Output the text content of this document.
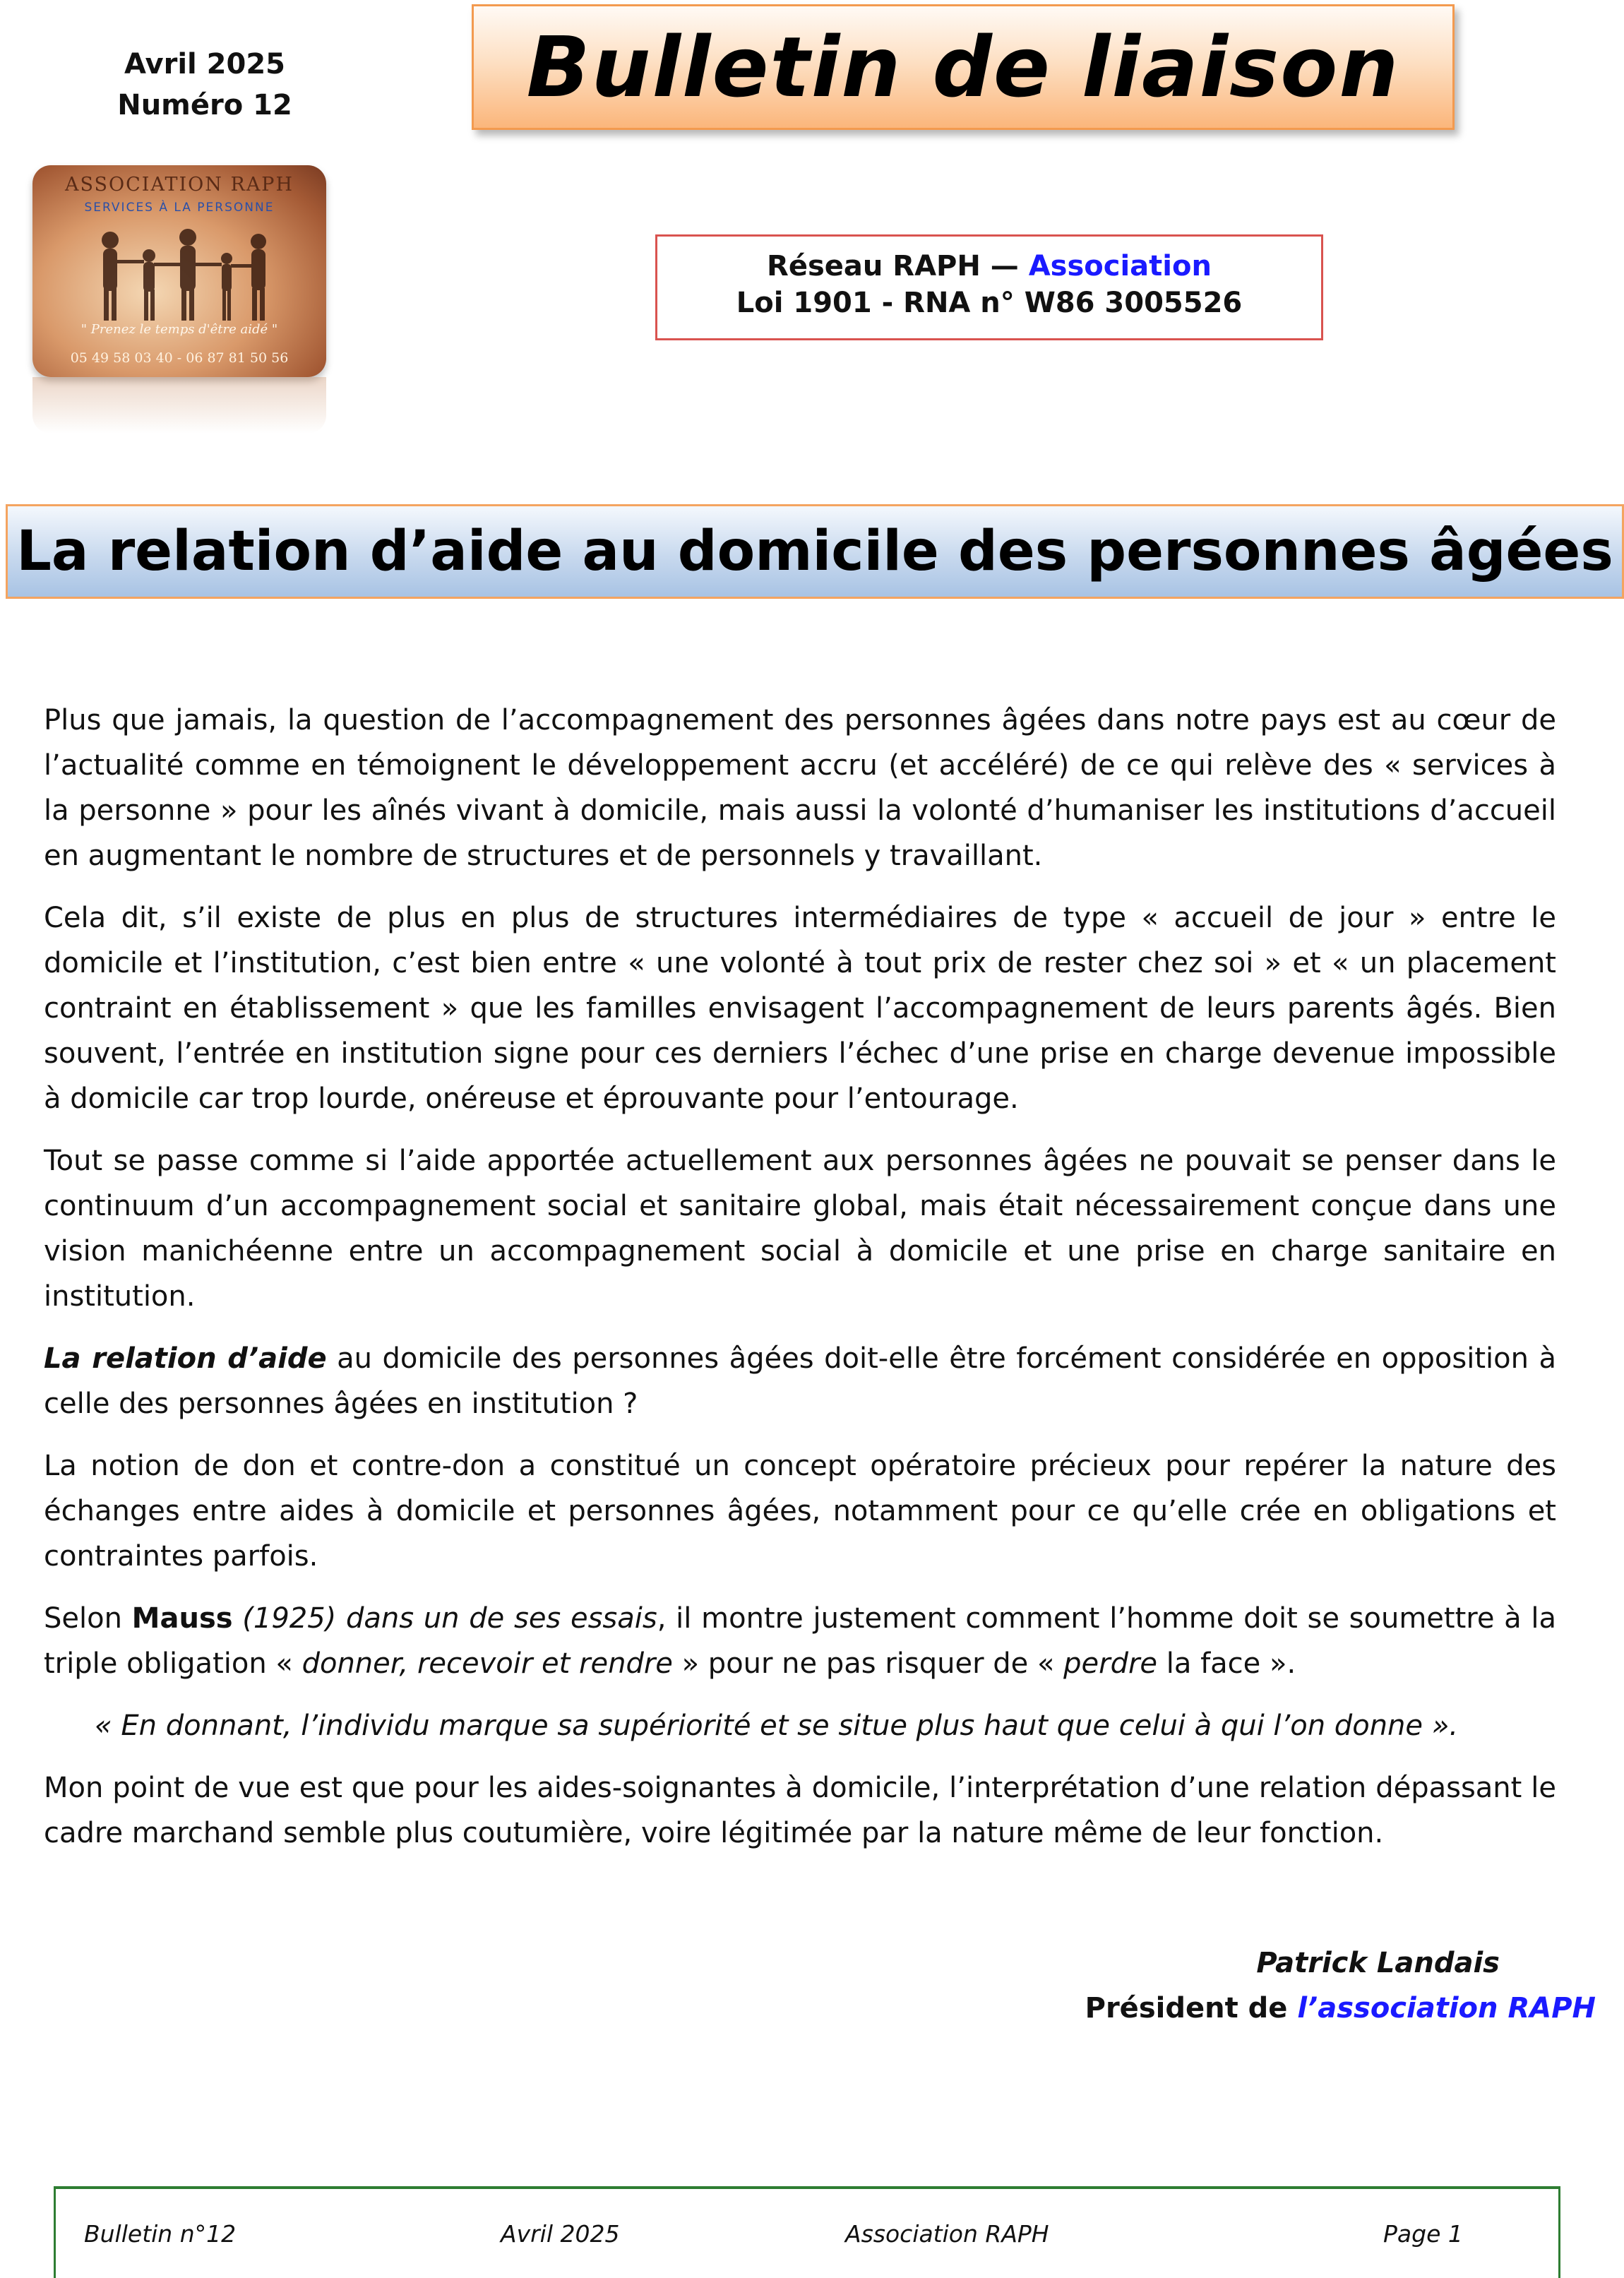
Avril 2025
Numéro 12	Bulletin de liaison
ASSOCIATION RAPH
SERVICES À LA PERSONNE
" Prenez le temps d'être aidé "
05 49 58 03 40 - 06 87 81 50 56
Réseau RAPH — Association
Loi 1901 - RNA n° W86 3005526
La relation d’aide au domicile des personnes âgées

Plus que jamais, la question de l’accompagnement des personnes âgées dans notre pays est au cœur de l’actualité comme en témoignent le développement accru (et accéléré) de ce qui relève des « services à la personne » pour les aînés vivant à domicile, mais aussi la volonté d’humaniser les institutions d’accueil en augmentant le nombre de structures et de personnels y travaillant.

Cela dit, s’il existe de plus en plus de structures intermédiaires de type « accueil de jour » entre le domicile et l’institution, c’est bien entre « une volonté à tout prix de rester chez soi » et « un placement contraint en établissement » que les familles envisagent l’accompagnement de leurs parents âgés. Bien souvent, l’entrée en institution signe pour ces derniers l’échec d’une prise en charge devenue impossible à domicile car trop lourde, onéreuse et éprouvante pour l’entourage.

Tout se passe comme si l’aide apportée actuellement aux personnes âgées ne pouvait se penser dans le continuum d’un accompagnement social et sanitaire global, mais était nécessairement conçue dans une vision manichéenne entre un accompagnement social à domicile et une prise en charge sanitaire en institution.

La relation d’aide au domicile des personnes âgées doit-elle être forcément considérée en opposition à celle des personnes âgées en institution ?

La notion de don et contre-don a constitué un concept opératoire précieux pour repérer la nature des échanges entre aides à domicile et personnes âgées, notamment pour ce qu’elle crée en obligations et contraintes parfois.

Selon Mauss (1925) dans un de ses essais, il montre justement comment l’homme doit se soumettre à la triple obligation « donner, recevoir et rendre » pour ne pas risquer de « perdre la face ».

« En donnant, l’individu marque sa supériorité et se situe plus haut que celui à qui l’on donne ».

Mon point de vue est que pour les aides-soignantes à domicile, l’interprétation d’une relation dépassant le cadre marchand semble plus coutumière, voire légitimée par la nature même de leur fonction.

Patrick Landais
Président de l’association RAPH
Bulletin n°12	Avril 2025	Association RAPH	Page 1
